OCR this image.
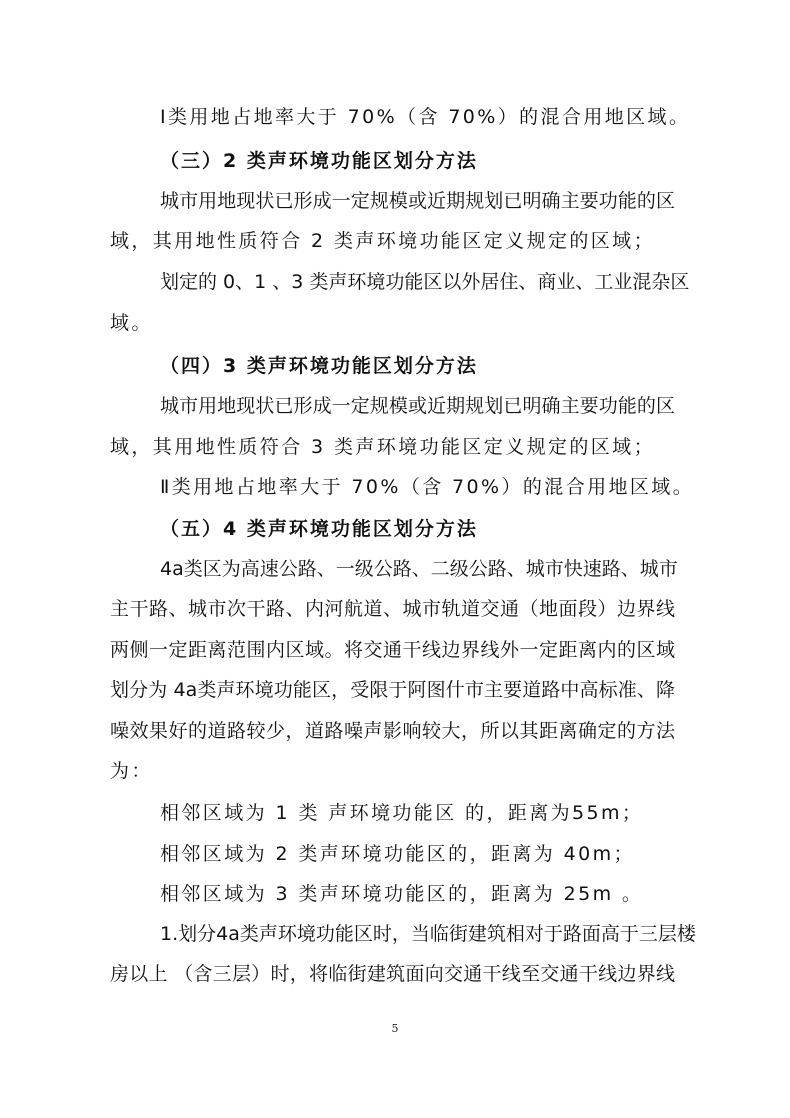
Ⅰ类用地占地率大于 70%（含 70%）的混合用地区域。
（三）2 类声环境功能区划分方法
城市用地现状已形成一定规模或近期规划已明确主要功能的区
域，其用地性质符合 2 类声环境功能区定义规定的区域；
划定的 0、1 、3 类声环境功能区以外居住、商业、工业混杂区
域。
（四）3 类声环境功能区划分方法
城市用地现状已形成一定规模或近期规划已明确主要功能的区
域，其用地性质符合 3 类声环境功能区定义规定的区域；
Ⅱ类用地占地率大于 70%（含 70%）的混合用地区域。
（五）4 类声环境功能区划分方法
4a类区为高速公路、一级公路、二级公路、城市快速路、城市
主干路、城市次干路、内河航道、城市轨道交通（地面段）边界线
两侧一定距离范围内区域。将交通干线边界线外一定距离内的区域
划分为 4a类声环境功能区，受限于阿图什市主要道路中高标准、降
噪效果好的道路较少，道路噪声影响较大，所以其距离确定的方法
为：
相邻区域为 1 类 声环境功能区 的，距离为55m；
相邻区域为 2 类声环境功能区的，距离为 40m；
相邻区域为 3 类声环境功能区的，距离为 25m 。
1.划分4a类声环境功能区时，当临街建筑相对于路面高于三层楼
房以上 （含三层）时，将临街建筑面向交通干线至交通干线边界线
5
